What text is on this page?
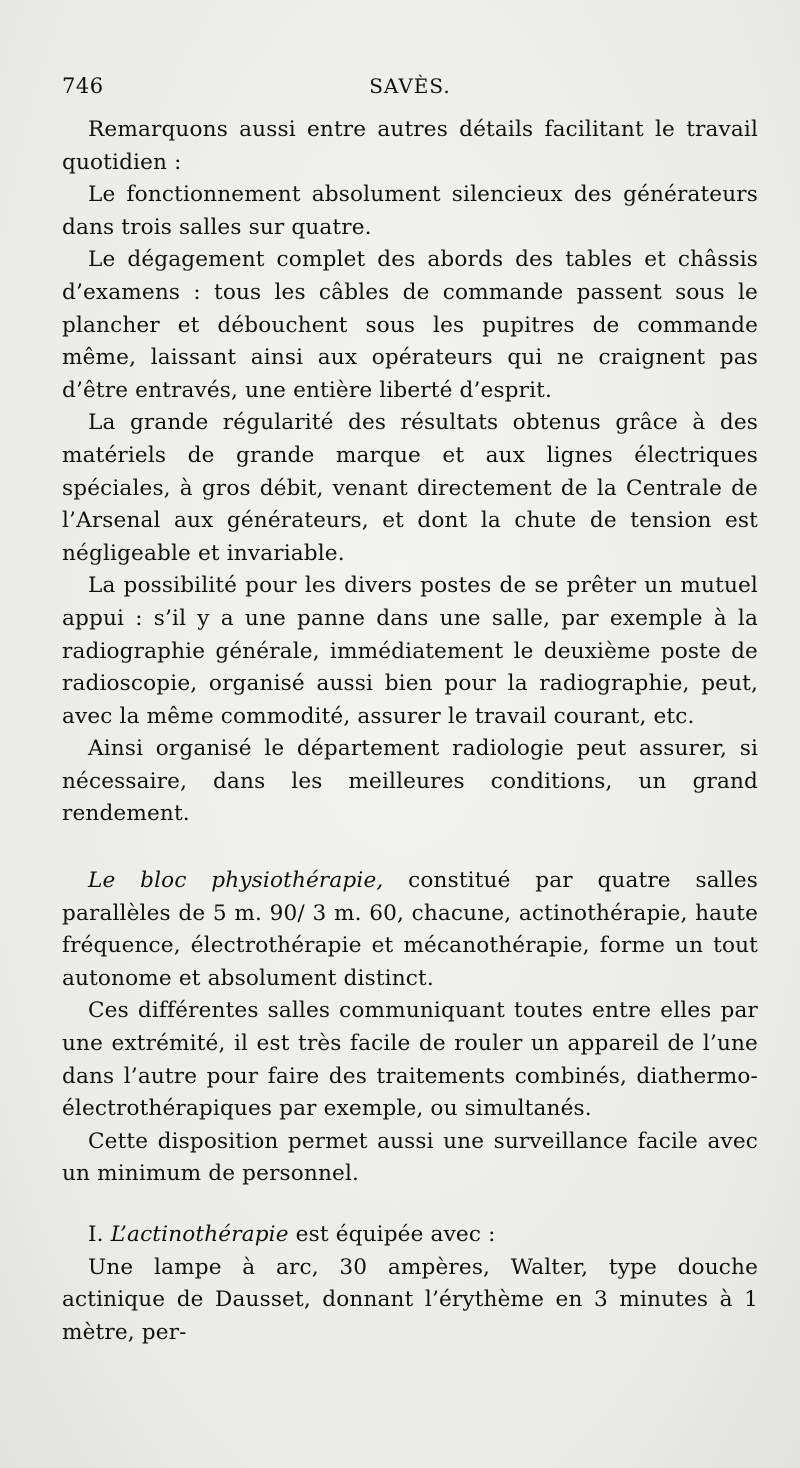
746	SAVÈS.

Remarquons aussi entre autres détails facilitant le travail quotidien :

Le fonctionnement absolument silencieux des générateurs dans trois salles sur quatre.

Le dégagement complet des abords des tables et châssis d’examens : tous les câbles de commande passent sous le plancher et débouchent sous les pupitres de commande même, laissant ainsi aux opérateurs qui ne craignent pas d’être entravés, une entière liberté d’esprit.

La grande régularité des résultats obtenus grâce à des matériels de grande marque et aux lignes électriques spéciales, à gros débit, venant directement de la Centrale de l’Arsenal aux générateurs, et dont la chute de tension est négligeable et invariable.

La possibilité pour les divers postes de se prêter un mutuel appui : s’il y a une panne dans une salle, par exemple à la radiographie générale, immédiatement le deuxième poste de radioscopie, organisé aussi bien pour la radiographie, peut, avec la même commodité, assurer le travail courant, etc.

Ainsi organisé le département radiologie peut assurer, si nécessaire, dans les meilleures conditions, un grand rendement.

Le bloc physiothérapie, constitué par quatre salles parallèles de 5 m. 90/ 3 m. 60, chacune, actinothérapie, haute fréquence, électrothérapie et mécanothérapie, forme un tout autonome et absolument distinct.

Ces différentes salles communiquant toutes entre elles par une extrémité, il est très facile de rouler un appareil de l’une dans l’autre pour faire des traitements combinés, diathermo-électrothérapiques par exemple, ou simultanés.

Cette disposition permet aussi une surveillance facile avec un minimum de personnel.

I. L’actinothérapie est équipée avec :

Une lampe à arc, 30 ampères, Walter, type douche actinique de Dausset, donnant l’érythème en 3 minutes à 1 mètre, per-
